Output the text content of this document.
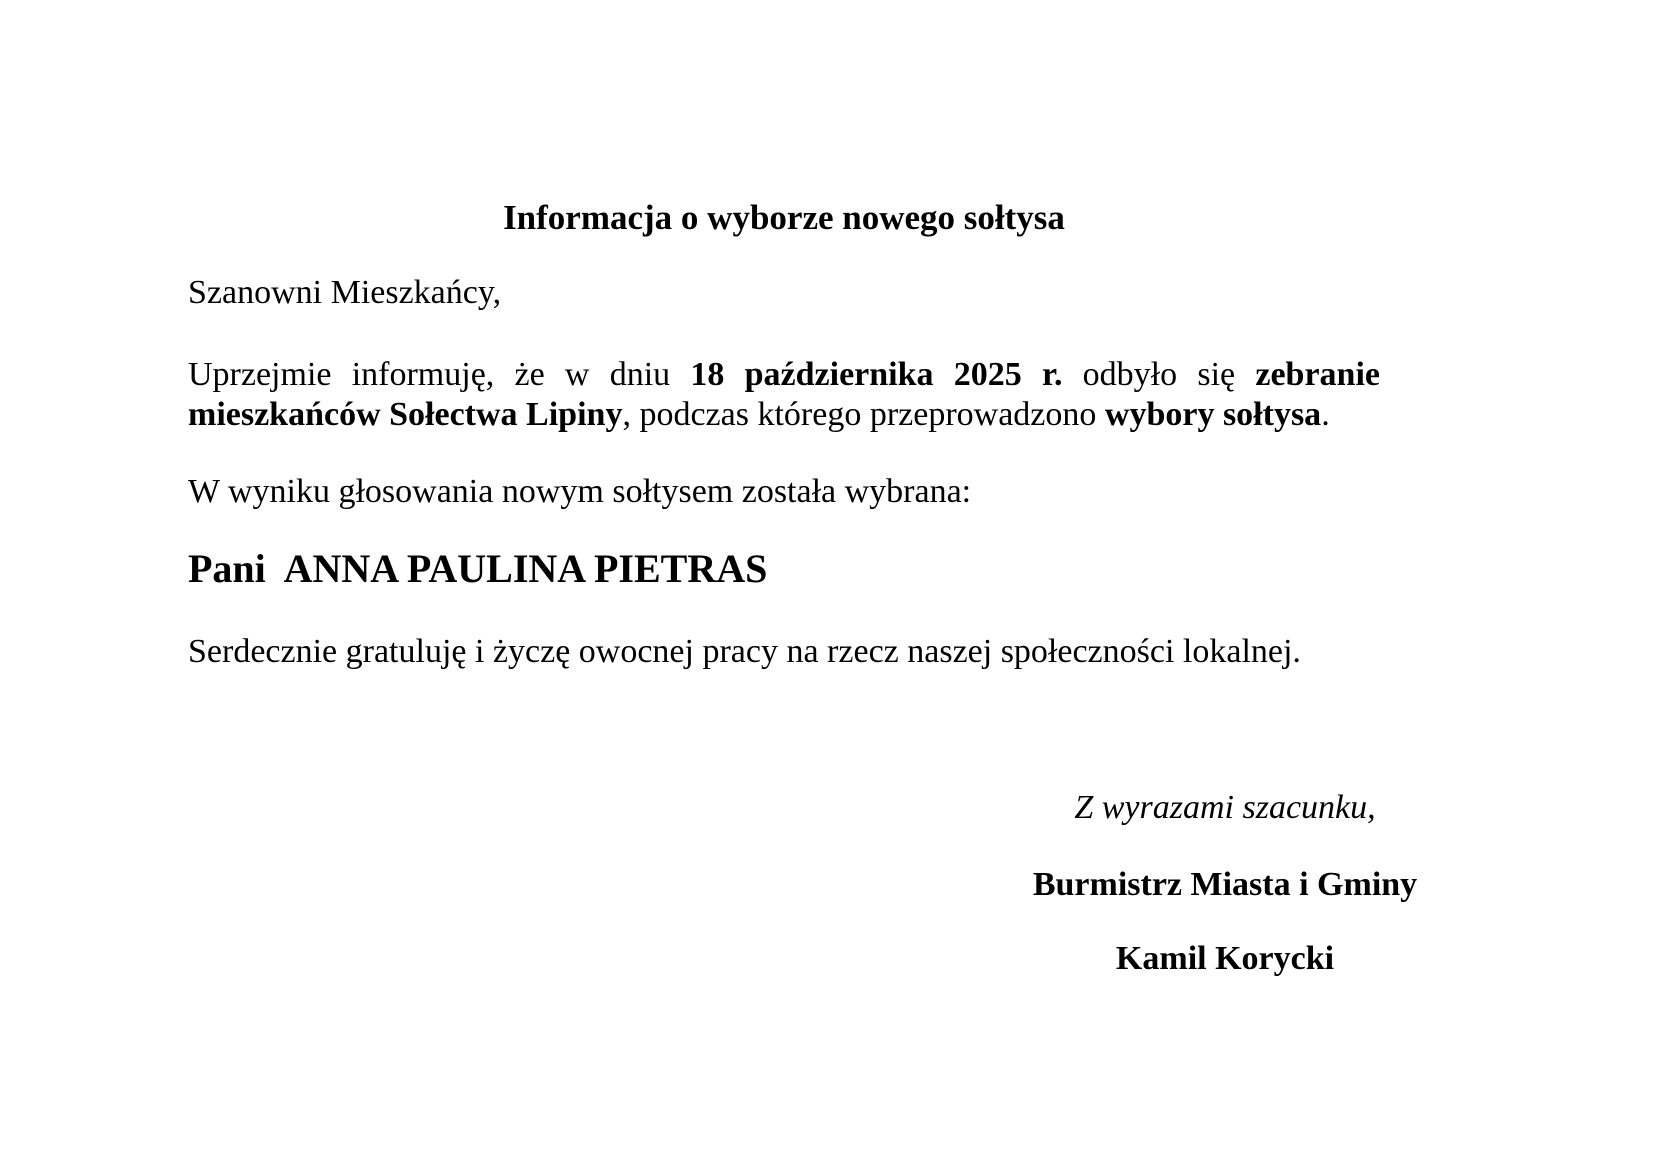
Informacja o wyborze nowego sołtysa

Szanowni Mieszkańcy,

Uprzejmie informuję, że w dniu 18 października 2025 r. odbyło się zebranie mieszkańców Sołectwa Lipiny, podczas którego przeprowadzono wybory sołtysa.

W wyniku głosowania nowym sołtysem została wybrana:

Pani  ANNA PAULINA PIETRAS

Serdecznie gratuluję i życzę owocnej pracy na rzecz naszej społeczności lokalnej.

Z wyrazami szacunku,

Burmistrz Miasta i Gminy

Kamil Korycki
